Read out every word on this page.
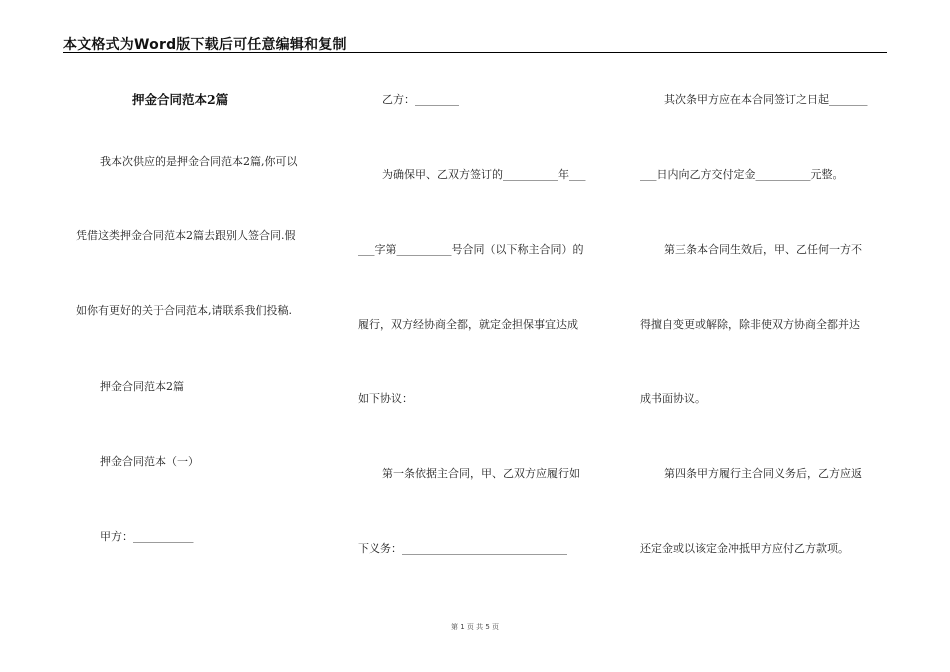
本文格式为Word版下载后可任意编辑和复制
押金合同范本2篇
我本次供应的是押金合同范本2篇,你可以
凭借这类押金合同范本2篇去跟别人签合同.假
如你有更好的关于合同范本,请联系我们投稿.
押金合同范本2篇
押金合同范本（一）
甲方：___________
乙方：________
为确保甲、乙双方签订的__________年___
___字第__________号合同（以下称主合同）的
履行，双方经协商全都，就定金担保事宜达成
如下协议：
第一条依据主合同，甲、乙双方应履行如
下义务：______________________________
其次条甲方应在本合同签订之日起_______
___日内向乙方交付定金__________元整。
第三条本合同生效后，甲、乙任何一方不
得擅自变更或解除，除非使双方协商全都并达
成书面协议。
第四条甲方履行主合同义务后，乙方应返
还定金或以该定金冲抵甲方应付乙方款项。
第 1 页 共 5 页
